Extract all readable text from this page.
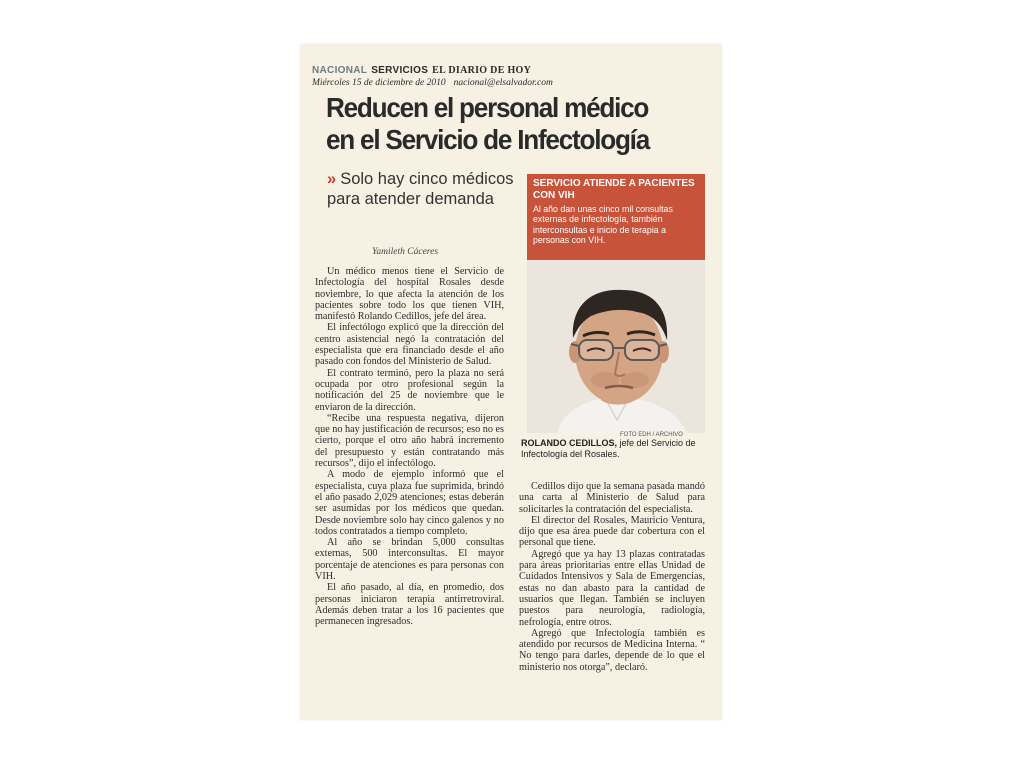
NACIONAL SERVICIOS EL DIARIO DE HOY
Miércoles 15 de diciembre de 2010 nacional@elsalvador.com
Reducen el personal médico
en el Servicio de Infectología
» Solo hay cinco médicos para atender demanda
Yamileth Cáceres

Un médico menos tiene el Servicio de Infectología del hospital Rosales desde noviembre, lo que afecta la atención de los pacientes sobre todo los que tienen VIH, manifestó Rolando Cedillos, jefe del área.

El infectólogo explicó que la dirección del centro asistencial negó la contratación del especialista que era financiado desde el año pasado con fondos del Ministerio de Salud.

El contrato terminó, pero la plaza no será ocupada por otro profesional según la notificación del 25 de noviembre que le enviaron de la dirección.

“Recibe una respuesta negativa, dijeron que no hay justificación de recursos; eso no es cierto, porque el otro año habrá incremento del presupuesto y están contratando más recursos”, dijo el infectólogo.

A modo de ejemplo informó que el especialista, cuya plaza fue suprimida, brindó el año pasado 2,029 atenciones; estas deberán ser asumidas por los médicos que quedan. Desde noviembre solo hay cinco galenos y no todos contratados a tiempo completo.

Al año se brindan 5,000 consultas externas, 500 interconsultas. El mayor porcentaje de atenciones es para personas con VIH.

El año pasado, al día, en promedio, dos personas iniciaron terapia antirretroviral. Además deben tratar a los 16 pacientes que permanecen ingresados.

SERVICIO ATIENDE A PACIENTES CON VIH
Al año dan unas cinco mil consultas externas de infectología, también interconsultas e inicio de terapia a personas con VIH.
FOTO EDH / ARCHIVO
ROLANDO CEDILLOS, jefe del Servicio de Infectología del Rosales.

Cedillos dijo que la semana pasada mandó una carta al Ministerio de Salud para solicitarles la contratación del especialista.

El director del Rosales, Mauricio Ventura, dijo que esa área puede dar cobertura con el personal que tiene.

Agregó que ya hay 13 plazas contratadas para áreas prioritarias entre ellas Unidad de Cuidados Intensivos y Sala de Emergencias, estas no dan abasto para la cantidad de usuarios que llegan. También se incluyen puestos para neurología, radiología, nefrología, entre otros.

Agregó que Infectología también es atendido por recursos de Medicina Interna. “ No tengo para darles, depende de lo que el ministerio nos otorga”, declaró.
